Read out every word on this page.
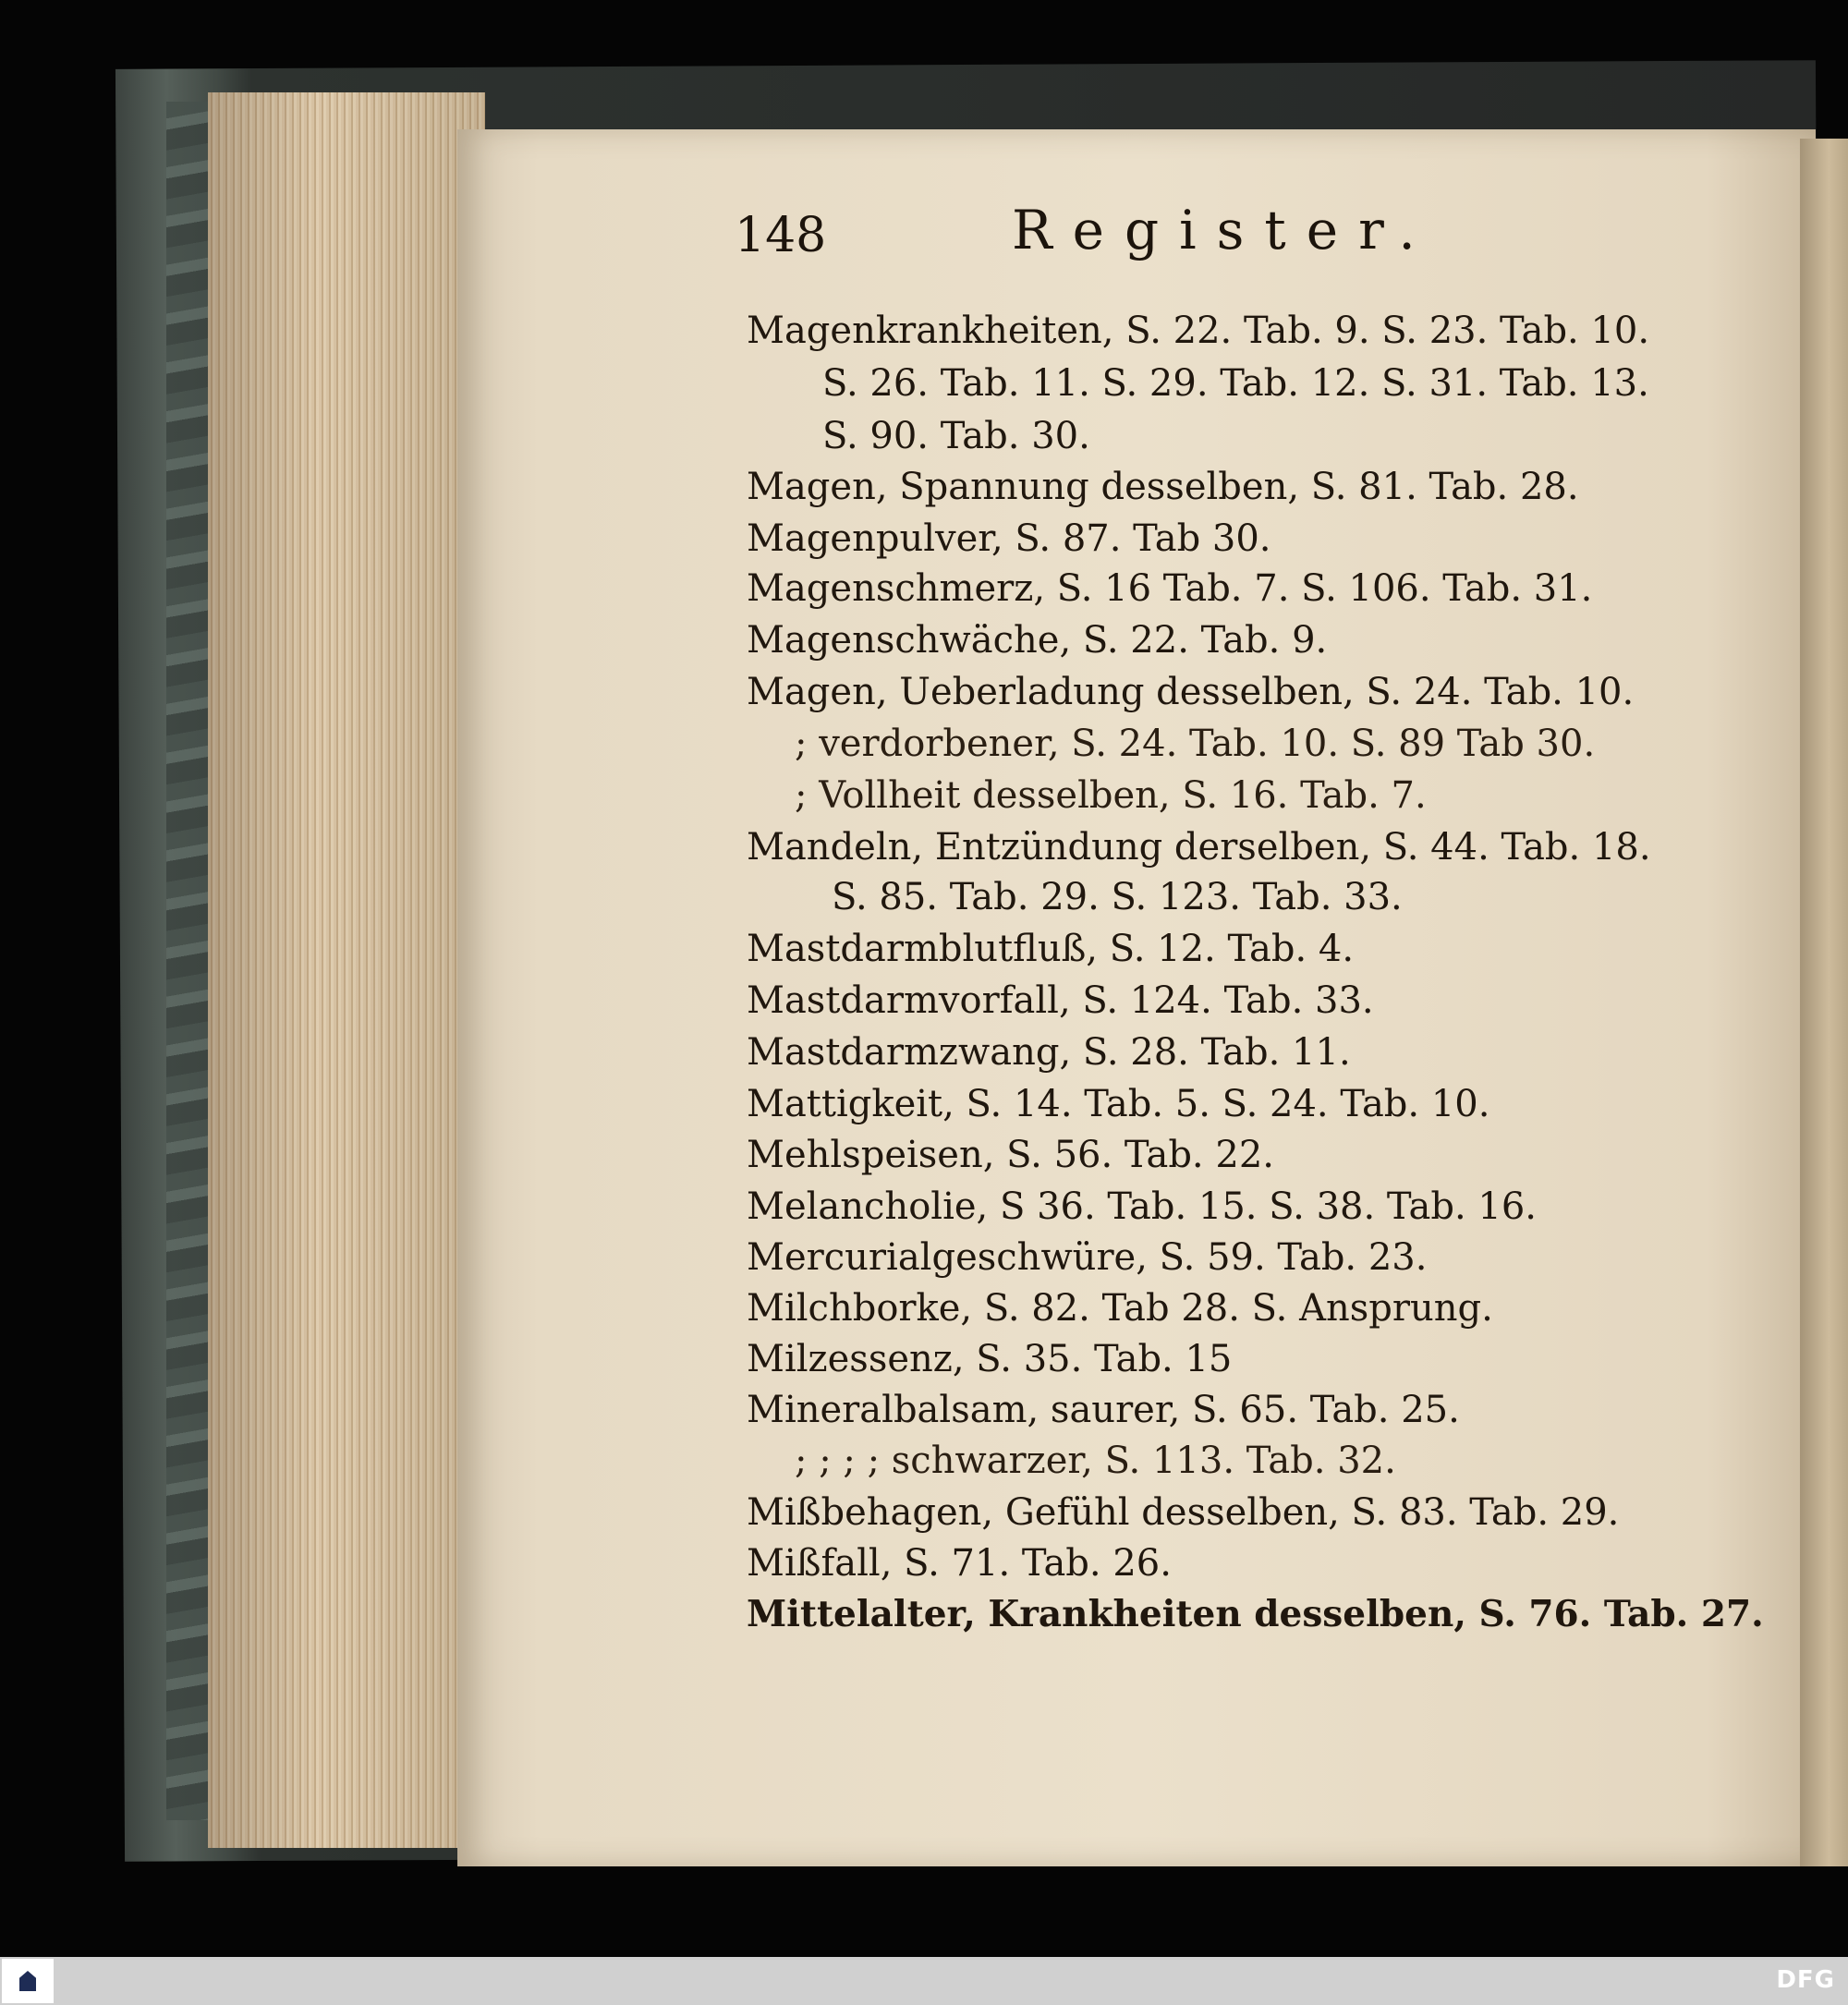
148	Register.
Magenkrankheiten, S. 22. Tab. 9. S. 23. Tab. 10.
S. 26. Tab. 11. S. 29. Tab. 12. S. 31. Tab. 13.
S. 90. Tab. 30.
Magen, Spannung desselben, S. 81. Tab. 28.
Magenpulver, S. 87. Tab 30.
Magenschmerz, S. 16 Tab. 7. S. 106. Tab. 31.
Magenschwäche, S. 22. Tab. 9.
Magen, Ueberladung desselben, S. 24. Tab. 10.
; verdorbener, S. 24. Tab. 10. S. 89 Tab 30.
; Vollheit desselben, S. 16. Tab. 7.
Mandeln, Entzündung derselben, S. 44. Tab. 18.
S. 85. Tab. 29. S. 123. Tab. 33.
Mastdarmblutfluß, S. 12. Tab. 4.
Mastdarmvorfall, S. 124. Tab. 33.
Mastdarmzwang, S. 28. Tab. 11.
Mattigkeit, S. 14. Tab. 5. S. 24. Tab. 10.
Mehlspeisen, S. 56. Tab. 22.
Melancholie, S 36. Tab. 15. S. 38. Tab. 16.
Mercurialgeschwüre, S. 59. Tab. 23.
Milchborke, S. 82. Tab 28. S. Ansprung.
Milzessenz, S. 35. Tab. 15
Mineralbalsam, saurer, S. 65. Tab. 25.
; ; ; ; schwarzer, S. 113. Tab. 32.
Mißbehagen, Gefühl desselben, S. 83. Tab. 29.
Mißfall, S. 71. Tab. 26.
Mittelalter, Krankheiten desselben, S. 76. Tab. 27.
DFG
